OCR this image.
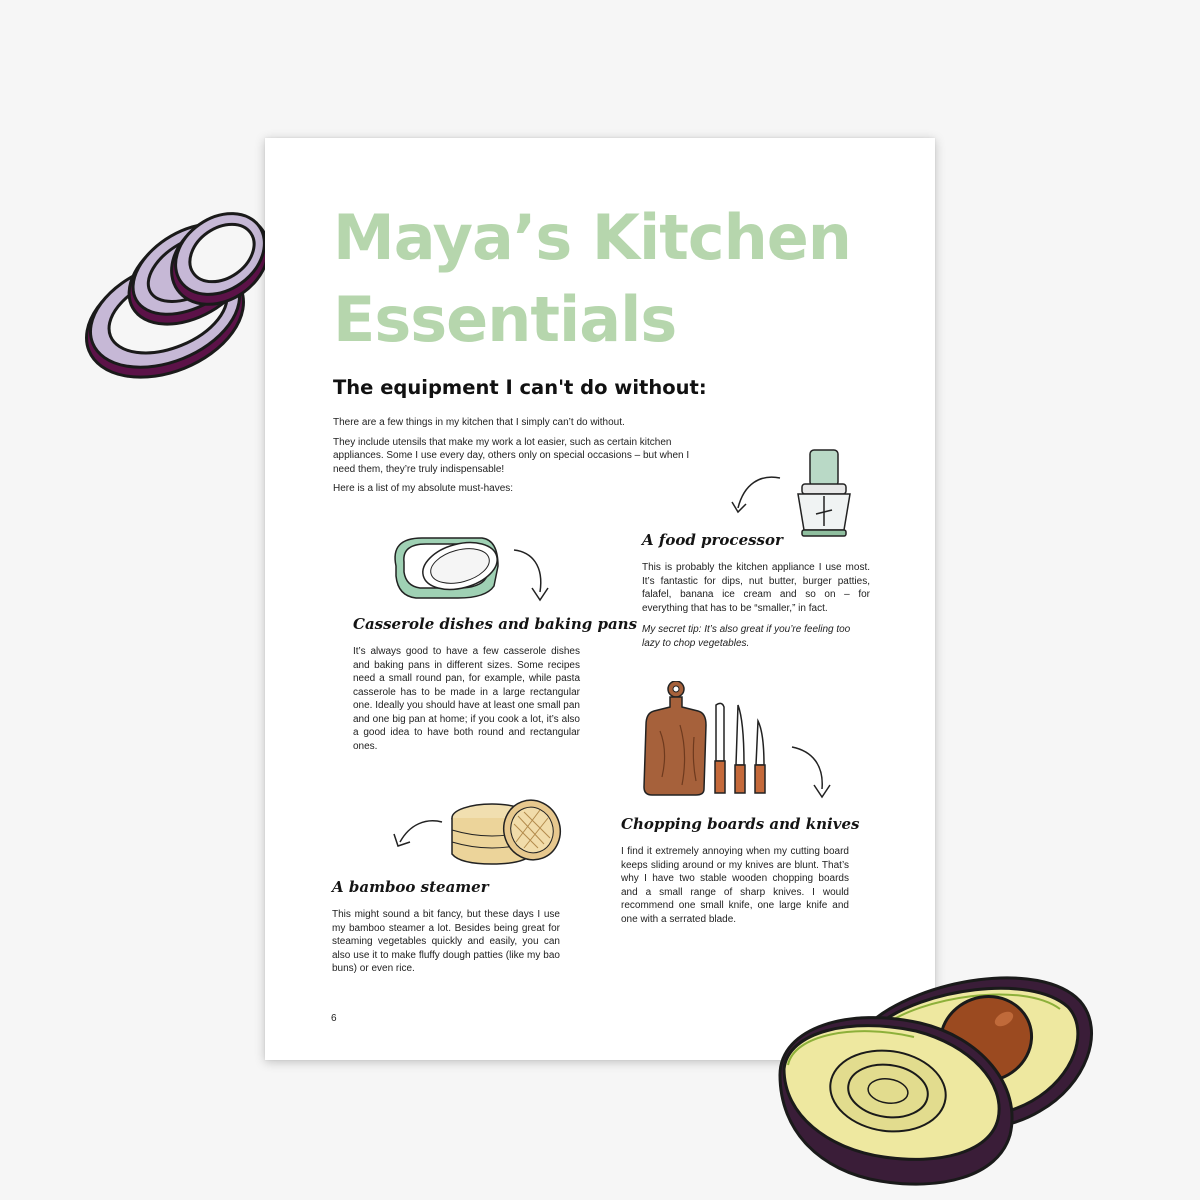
Maya’s Kitchen
Essentials
The equipment I can't do without:

There are a few things in my kitchen that I simply can’t do without.

They include utensils that make my work a lot easier, such as certain kitchen appliances. Some I use every day, others only on special occasions – but when I need them, they’re truly indispensable!

Here is a list of my absolute must-haves:

A food processor

This is probably the kitchen appliance I use most. It’s fantastic for dips, nut butter, burger patties, falafel, banana ice cream and so on – for everything that has to be “smaller,” in fact.

My secret tip: It’s also great if you’re feeling too lazy to chop vegetables.

Casserole dishes and baking pans

It’s always good to have a few casserole dishes and baking pans in different sizes. Some recipes need a small round pan, for example, while pasta casserole has to be made in a large rectangular one. Ideally you should have at least one small pan and one big pan at home; if you cook a lot, it’s also a good idea to have both round and rectangular ones.

Chopping boards and knives

I find it extremely annoying when my cutting board keeps sliding around or my knives are blunt. That’s why I have two stable wooden chopping boards and a small range of sharp knives. I would recommend one small knife, one large knife and one with a serrated blade.

A bamboo steamer

This might sound a bit fancy, but these days I use my bamboo steamer a lot. Besides being great for steaming vegetables quickly and easily, you can also use it to make fluffy dough patties (like my bao buns) or even rice.

6
